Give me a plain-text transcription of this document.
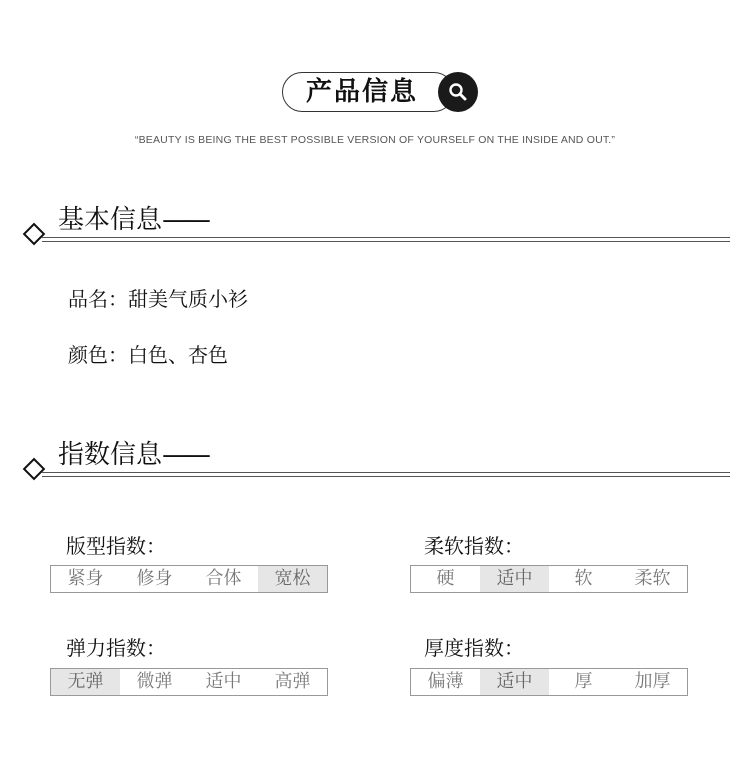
产品信息
“BEAUTY IS BEING THE BEST POSSIBLE VERSION OF YOURSELF ON THE INSIDE AND OUT.”
基本信息——
品名：甜美气质小衫
颜色：白色、杏色
指数信息——
版型指数：
紧身	修身	合体	宽松
柔软指数：
硬	适中	软	柔软
弹力指数：
无弹	微弹	适中	高弹
厚度指数：
偏薄	适中	厚	加厚
